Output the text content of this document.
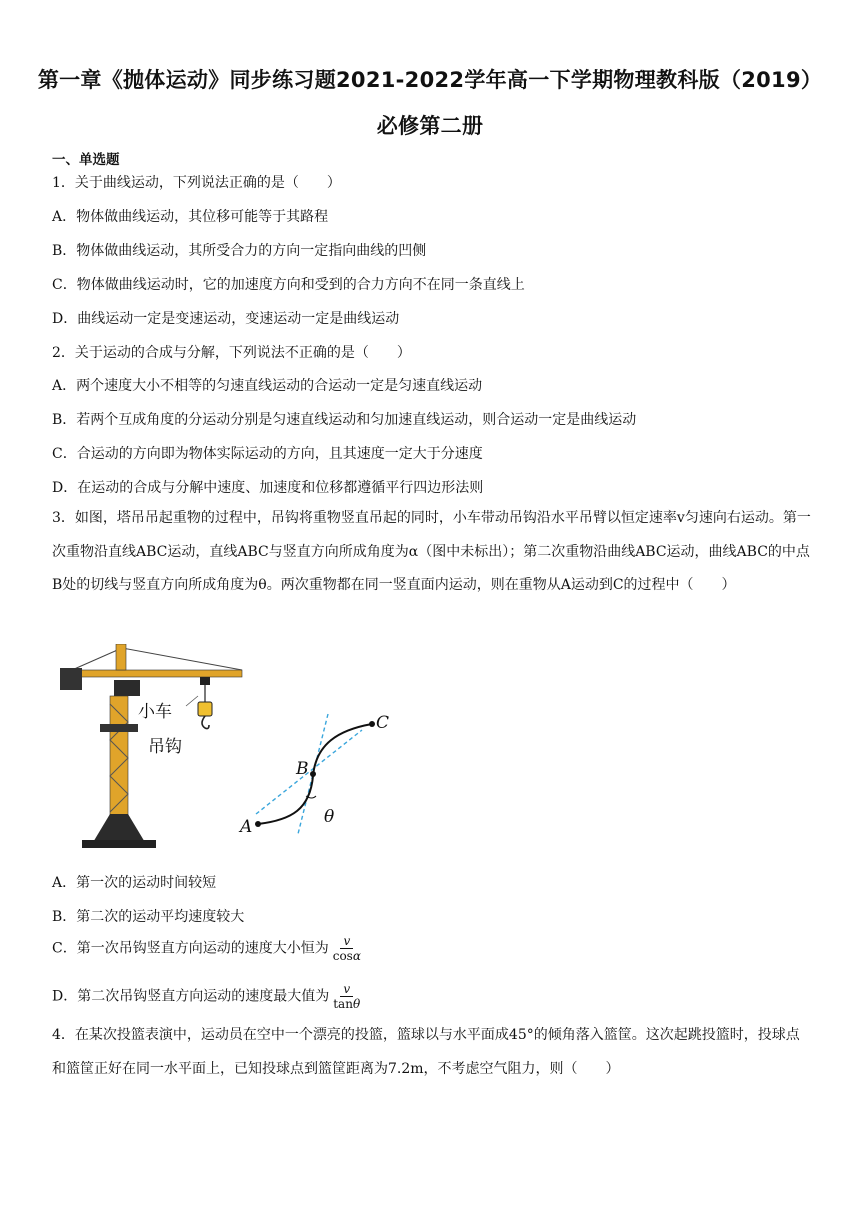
第一章《抛体运动》同步练习题2021-2022学年高一下学期物理教科版（2019）
必修第二册
一、单选题
1．关于曲线运动，下列说法正确的是（　　）
A．物体做曲线运动，其位移可能等于其路程
B．物体做曲线运动，其所受合力的方向一定指向曲线的凹侧
C．物体做曲线运动时，它的加速度方向和受到的合力方向不在同一条直线上
D．曲线运动一定是变速运动，变速运动一定是曲线运动
2．关于运动的合成与分解，下列说法不正确的是（　　）
A．两个速度大小不相等的匀速直线运动的合运动一定是匀速直线运动
B．若两个互成角度的分运动分别是匀速直线运动和匀加速直线运动，则合运动一定是曲线运动
C．合运动的方向即为物体实际运动的方向，且其速度一定大于分速度
D．在运动的合成与分解中速度、加速度和位移都遵循平行四边形法则
3．如图，塔吊吊起重物的过程中，吊钩将重物竖直吊起的同时，小车带动吊钩沿水平吊臂以恒定速率v匀速向右运动。第一次重物沿直线ABC运动，直线ABC与竖直方向所成角度为α（图中未标出）；第二次重物沿曲线ABC运动，曲线ABC的中点B处的切线与竖直方向所成角度为θ。两次重物都在同一竖直面内运动，则在重物从A运动到C的过程中（　　）
小车
吊钩
A
B
C
θ
A．第一次的运动时间较短
B．第二次的运动平均速度较大
C．第一次吊钩竖直方向运动的速度大小恒为 $\frac{v}{\cos\alpha}$
D．第二次吊钩竖直方向运动的速度最大值为 $\frac{v}{\tan\theta}$
4．在某次投篮表演中，运动员在空中一个漂亮的投篮，篮球以与水平面成45°的倾角落入篮筐。这次起跳投篮时，投球点和篮筐正好在同一水平面上，已知投球点到篮筐距离为7.2m，不考虑空气阻力，则（　　）
